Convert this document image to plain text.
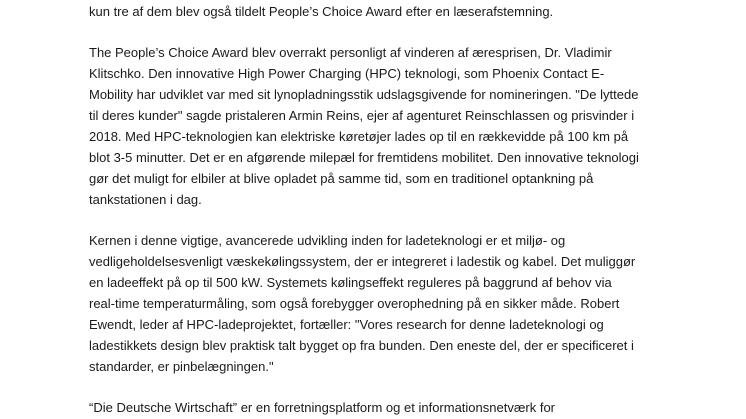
kun tre af dem blev også tildelt People’s Choice Award efter en læserafstemning.

The People’s Choice Award blev overrakt personligt af vinderen af æresprisen, Dr. Vladimir
Klitschko. Den innovative High Power Charging (HPC) teknologi, som Phoenix Contact E-
Mobility har udviklet var med sit lynopladningsstik udslagsgivende for nomineringen. "De lyttede
til deres kunder" sagde pristaleren Armin Reins, ejer af agenturet Reinschlassen og prisvinder i
2018. Med HPC-teknologien kan elektriske køretøjer lades op til en rækkevidde på 100 km på
blot 3-5 minutter. Det er en afgørende milepæl for fremtidens mobilitet. Den innovative teknologi
gør det muligt for elbiler at blive opladet på samme tid, som en traditionel optankning på
tankstationen i dag.

Kernen i denne vigtige, avancerede udvikling inden for ladeteknologi er et miljø- og
vedligeholdelsesvenligt væskekølingssystem, der er integreret i ladestik og kabel. Det muliggør
en ladeeffekt på op til 500 kW. Systemets kølingseffekt reguleres på baggrund af behov via
real-time temperaturmåling, som også forebygger overophedning på en sikker måde. Robert
Ewendt, leder af HPC-ladeprojektet, fortæller: "Vores research for denne ladeteknologi og
ladestikkets design blev praktisk talt bygget op fra bunden. Den eneste del, der er specificeret i
standarder, er pinbelægningen."

“Die Deutsche Wirtschaft” er en forretningsplatform og et informationsnetværk for
